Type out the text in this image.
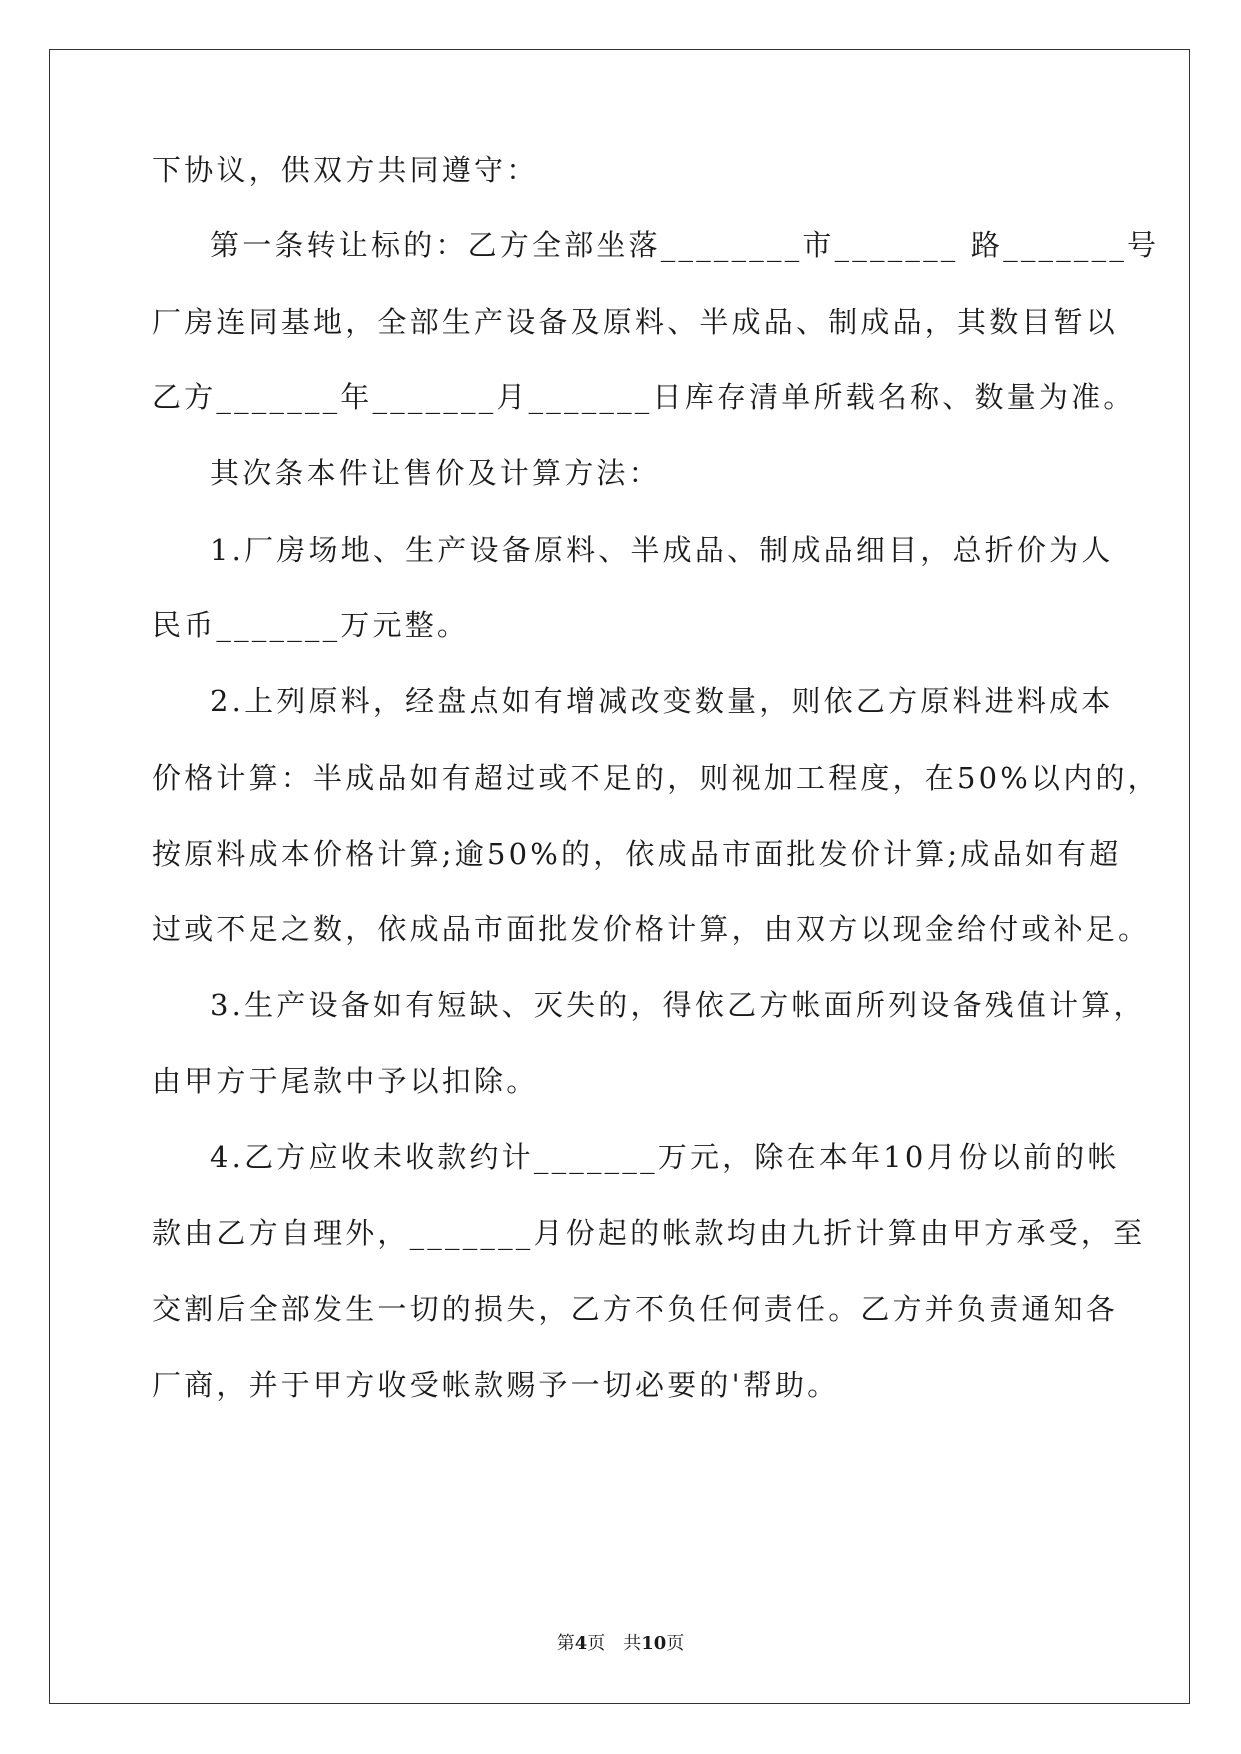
下协议，供双方共同遵守：
第一条转让标的：乙方全部坐落________市_______ 路_______号
厂房连同基地，全部生产设备及原料、半成品、制成品，其数目暂以
乙方_______年_______月_______日库存清单所载名称、数量为准。
其次条本件让售价及计算方法：
1.厂房场地、生产设备原料、半成品、制成品细目，总折价为人
民币_______万元整。
2.上列原料，经盘点如有增减改变数量，则依乙方原料进料成本
价格计算：半成品如有超过或不足的，则视加工程度，在50%以内的，
按原料成本价格计算;逾50%的，依成品市面批发价计算;成品如有超
过或不足之数，依成品市面批发价格计算，由双方以现金给付或补足。
3.生产设备如有短缺、灭失的，得依乙方帐面所列设备残值计算，
由甲方于尾款中予以扣除。
4.乙方应收未收款约计_______万元，除在本年10月份以前的帐
款由乙方自理外，_______月份起的帐款均由九折计算由甲方承受，至
交割后全部发生一切的损失，乙方不负任何责任。乙方并负责通知各
厂商，并于甲方收受帐款赐予一切必要的'帮助。
第4页　共10页
